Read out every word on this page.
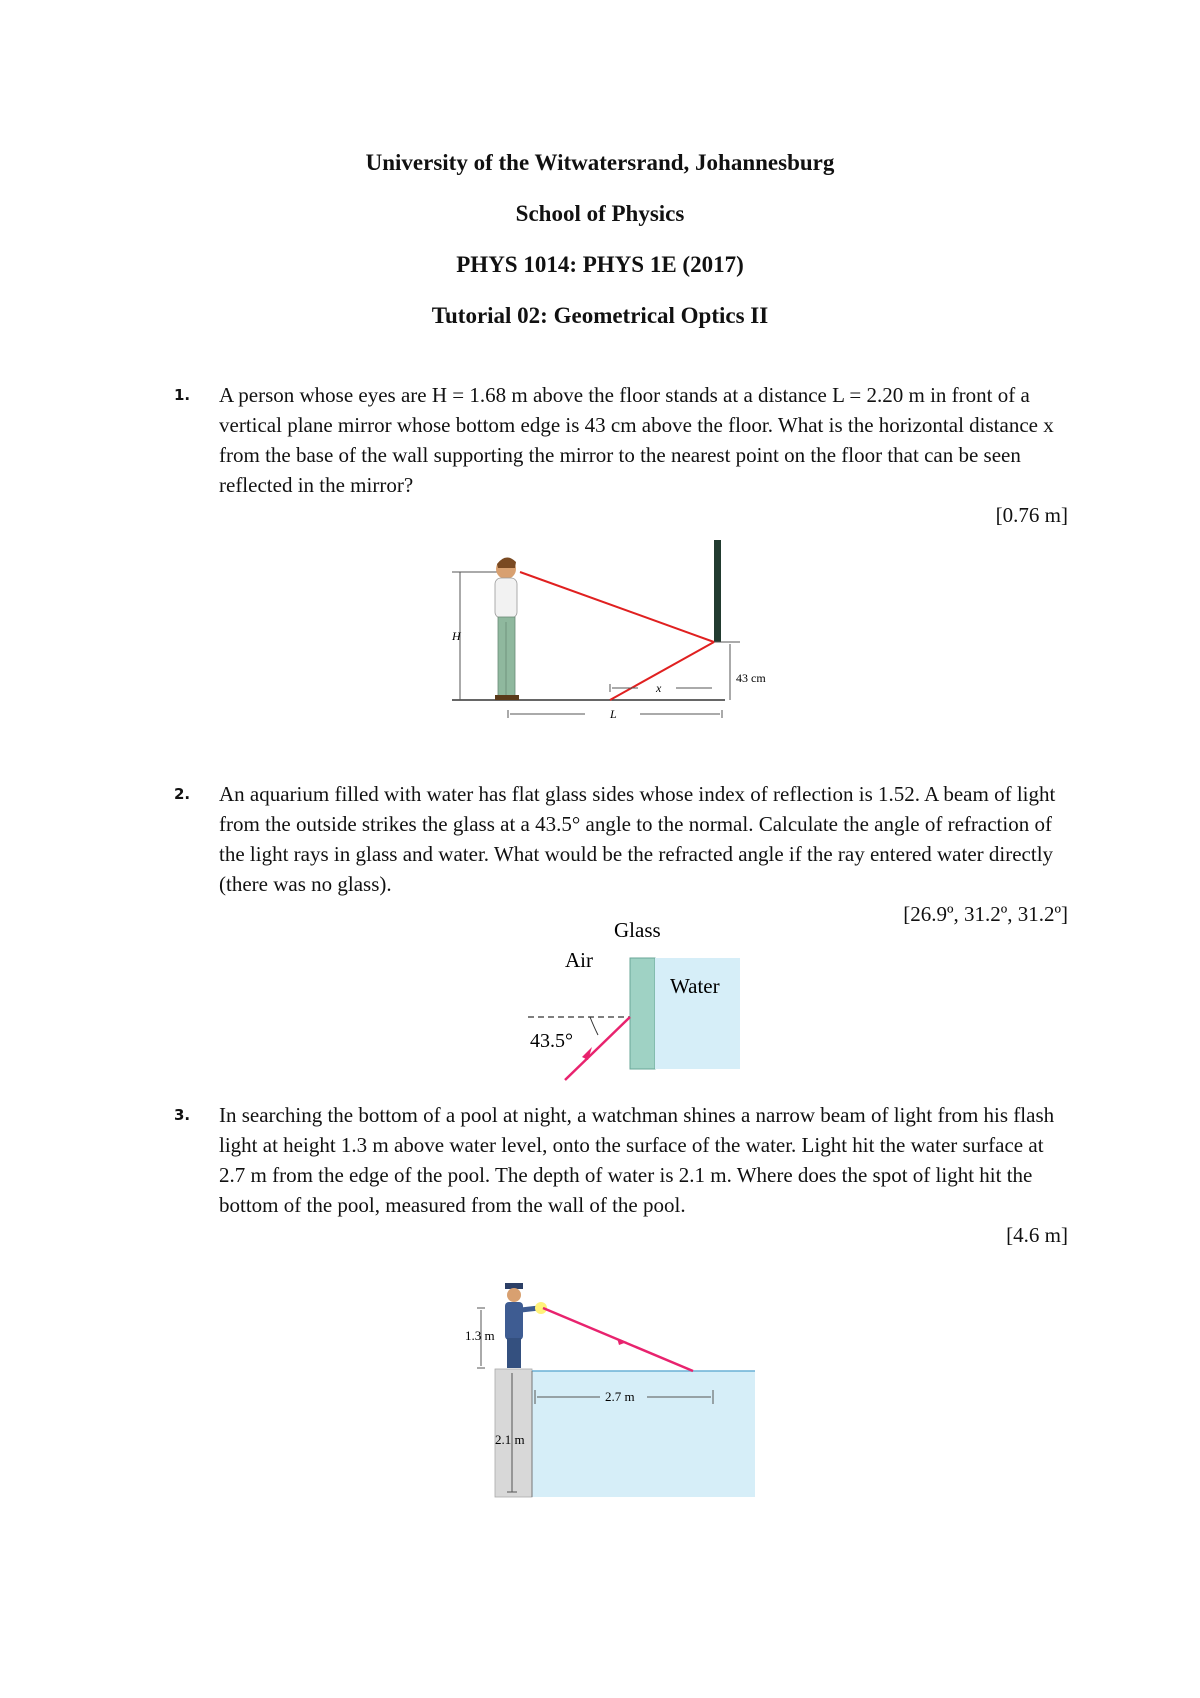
University of the Witwatersrand, Johannesburg
School of Physics
PHYS 1014: PHYS 1E (2017)
Tutorial 02: Geometrical Optics II
1. A person whose eyes are H = 1.68 m above the floor stands at a distance L = 2.20 m in front of a vertical plane mirror whose bottom edge is 43 cm above the floor. What is the horizontal distance x from the base of the wall supporting the mirror to the nearest point on the floor that can be seen reflected in the mirror?
[0.76 m]
H
43 cm
x
L
2. An aquarium filled with water has flat glass sides whose index of reflection is 1.52. A beam of light from the outside strikes the glass at a 43.5° angle to the normal. Calculate the angle of refraction of the light rays in glass and water. What would be the refracted angle if the ray entered water directly (there was no glass).
[26.9º, 31.2º, 31.2º]
Glass
Air
Water
43.5°
3. In searching the bottom of a pool at night, a watchman shines a narrow beam of light from his flash light at height 1.3 m above water level, onto the surface of the water. Light hit the water surface at 2.7 m from the edge of the pool. The depth of water is 2.1 m. Where does the spot of light hit the bottom of the pool, measured from the wall of the pool.
[4.6 m]
1.3 m
2.1 m
2.7 m
